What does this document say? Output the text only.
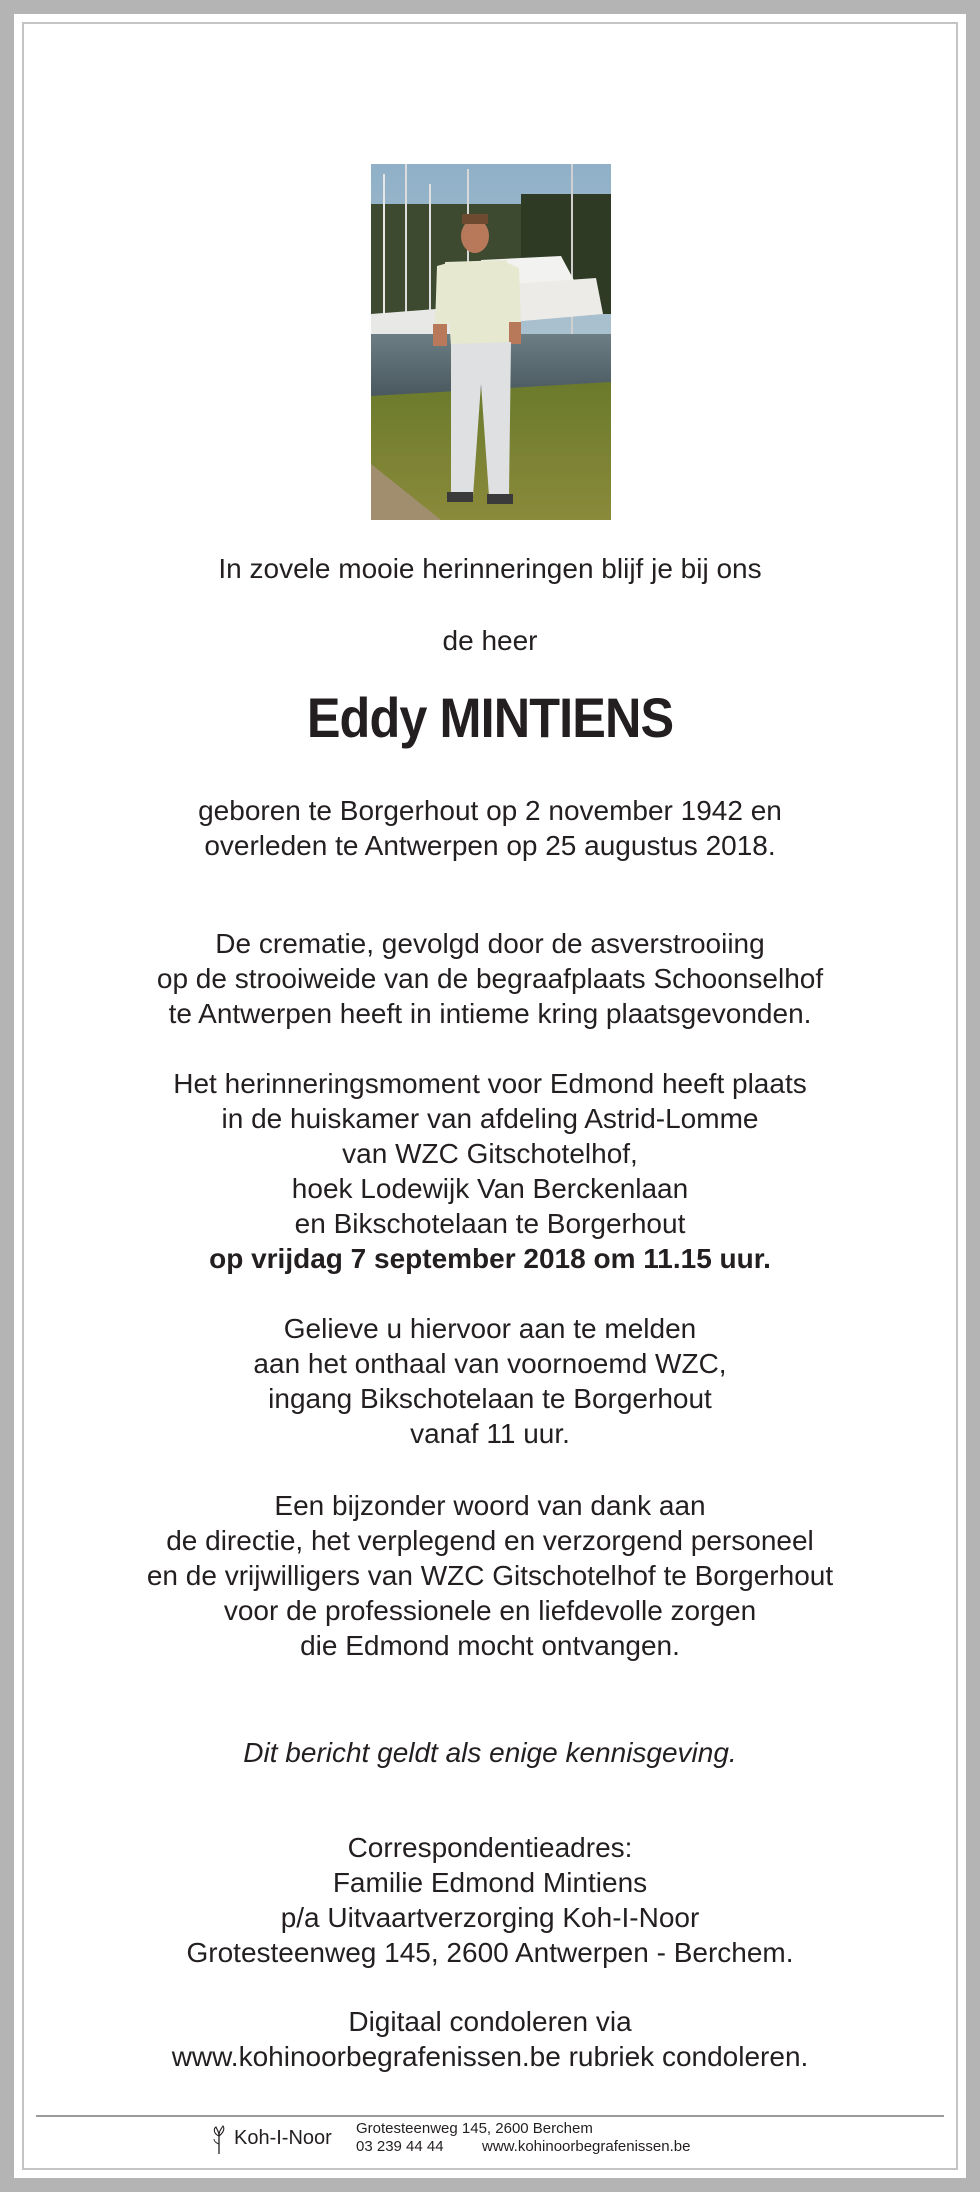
In zovele mooie herinneringen blijf je bij ons
de heer
Eddy MINTIENS
geboren te Borgerhout op 2 november 1942 en
overleden te Antwerpen op 25 augustus 2018.
De crematie, gevolgd door de asverstrooiing
op de strooiweide van de begraafplaats Schoonselhof
te Antwerpen heeft in intieme kring plaatsgevonden.
Het herinneringsmoment voor Edmond heeft plaats
in de huiskamer van afdeling Astrid-Lomme
van WZC Gitschotelhof,
hoek Lodewijk Van Berckenlaan
en Bikschotelaan te Borgerhout
op vrijdag 7 september 2018 om 11.15 uur.
Gelieve u hiervoor aan te melden
aan het onthaal van voornoemd WZC,
ingang Bikschotelaan te Borgerhout
vanaf 11 uur.
Een bijzonder woord van dank aan
de directie, het verplegend en verzorgend personeel
en de vrijwilligers van WZC Gitschotelhof te Borgerhout
voor de professionele en liefdevolle zorgen
die Edmond mocht ontvangen.
Dit bericht geldt als enige kennisgeving.
Correspondentieadres:
Familie Edmond Mintiens
p/a Uitvaartverzorging Koh-I-Noor
Grotesteenweg 145, 2600 Antwerpen - Berchem.
Digitaal condoleren via
www.kohinoorbegrafenissen.be rubriek condoleren.
Koh-I-Noor Grotesteenweg 145, 2600 Berchem
03 239 44 44	www.kohinoorbegrafenissen.be
